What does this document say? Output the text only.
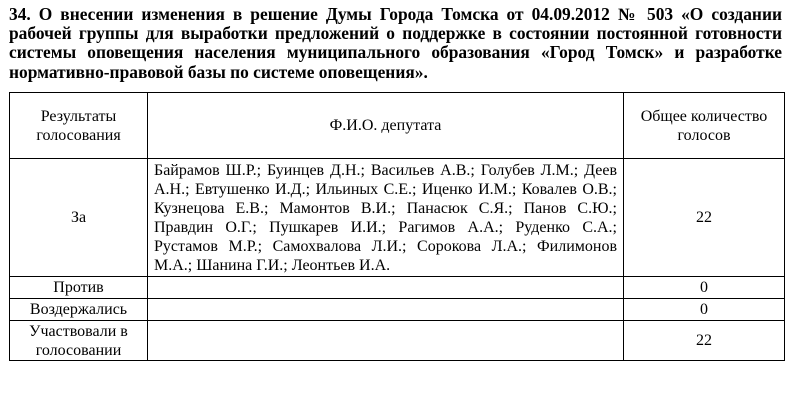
34. О внесении изменения в решение Думы Города Томска от 04.09.2012 № 503 «О создании рабочей группы для выработки предложений о поддержке в состоянии постоянной готовности системы оповещения населения муниципального образования «Город Томск» и разработке нормативно-правовой базы по системе оповещения».
Результаты голосования	Ф.И.О. депутата	Общее количество голосов
За	Байрамов Ш.Р.; Буинцев Д.Н.; Васильев А.В.; Голубев Л.М.; Деев А.Н.; Евтушенко И.Д.; Ильиных С.Е.; Иценко И.М.; Ковалев О.В.; Кузнецова Е.В.; Мамонтов В.И.; Панасюк С.Я.; Панов С.Ю.; Правдин О.Г.; Пушкарев И.И.; Рагимов А.А.; Руденко С.А.; Рустамов М.Р.; Самохвалова Л.И.; Сорокова Л.А.; Филимонов М.А.; Шанина Г.И.; Леонтьев И.А.	22
Против		0
Воздержались		0
Участвовали в голосовании		22
